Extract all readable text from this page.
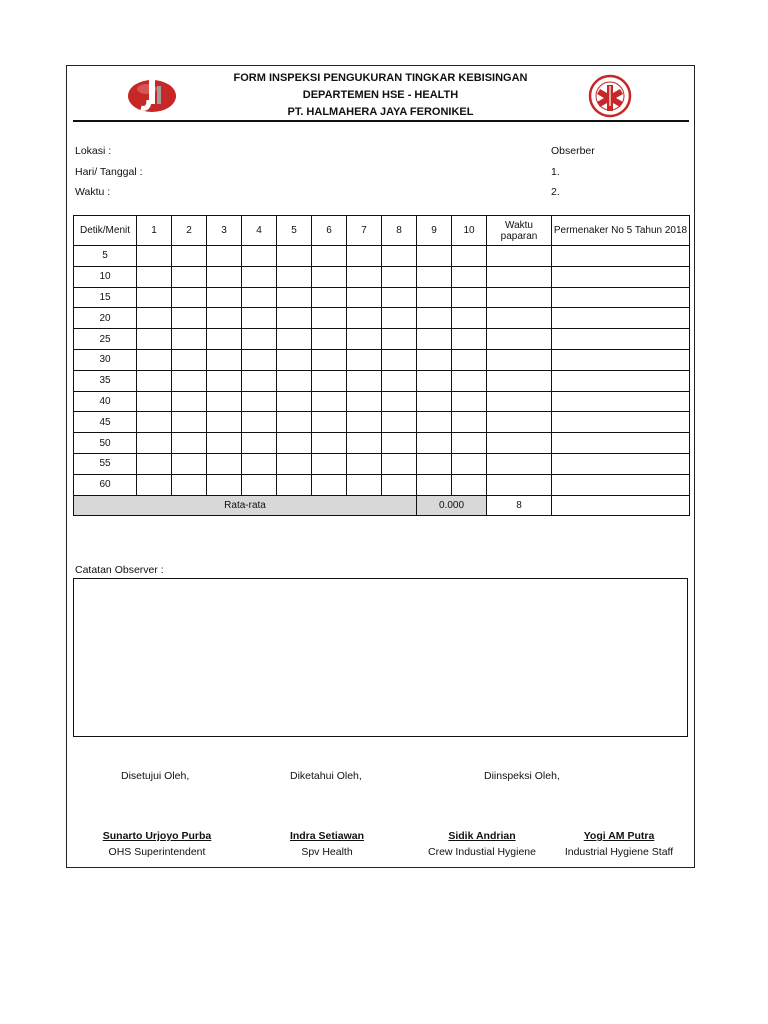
FORM INSPEKSI PENGUKURAN TINGKAR KEBISINGAN
DEPARTEMEN HSE - HEALTH
PT. HALMAHERA JAYA FERONIKEL
Lokasi :
Hari/ Tanggal :
Waktu :
Obserber
1.
2.
Detik/Menit	1	2	3	4	5	6	7	8	9	10	Waktu paparan	Permenaker No 5 Tahun 2018
5												
10												
15												
20												
25												
30												
35												
40												
45												
50												
55												
60												
Rata-rata									0.000		8	
Catatan Observer :
Disetujui Oleh,	Diketahui Oleh,	Diinspeksi Oleh,
Sunarto Urjoyo Purba
OHS Superintendent
Indra Setiawan
Spv Health
Sidik Andrian
Crew Industial Hygiene
Yogi AM Putra
Industrial Hygiene Staff
